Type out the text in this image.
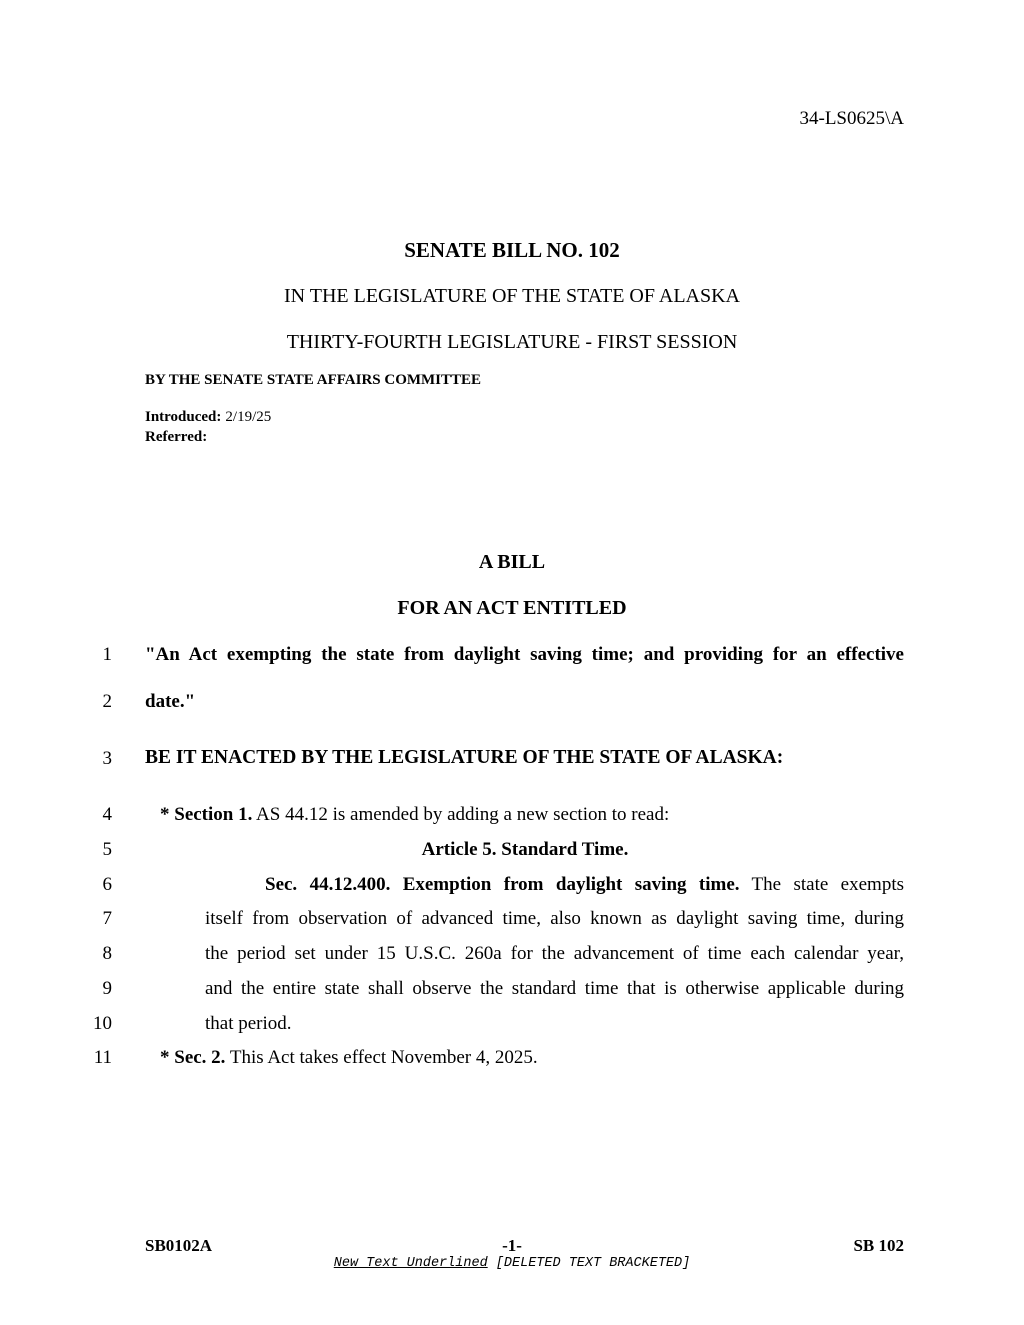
34-LS0625\A
SENATE BILL NO. 102
IN THE LEGISLATURE OF THE STATE OF ALASKA
THIRTY-FOURTH LEGISLATURE - FIRST SESSION
BY THE SENATE STATE AFFAIRS COMMITTEE
Introduced: 2/19/25
Referred:
A BILL
FOR AN ACT ENTITLED
1 "An Act exempting the state from daylight saving time; and providing for an effective
2 date."
3 BE IT ENACTED BY THE LEGISLATURE OF THE STATE OF ALASKA:
4	* Section 1. AS 44.12 is amended by adding a new section to read:
5	Article 5. Standard Time.
6	Sec. 44.12.400. Exemption from daylight saving time. The state exempts
7	itself from observation of advanced time, also known as daylight saving time, during
8	the period set under 15 U.S.C. 260a for the advancement of time each calendar year,
9	and the entire state shall observe the standard time that is otherwise applicable during
10	that period.
11	* Sec. 2. This Act takes effect November 4, 2025.
SB0102A	-1-	SB 102
New Text Underlined [DELETED TEXT BRACKETED]
